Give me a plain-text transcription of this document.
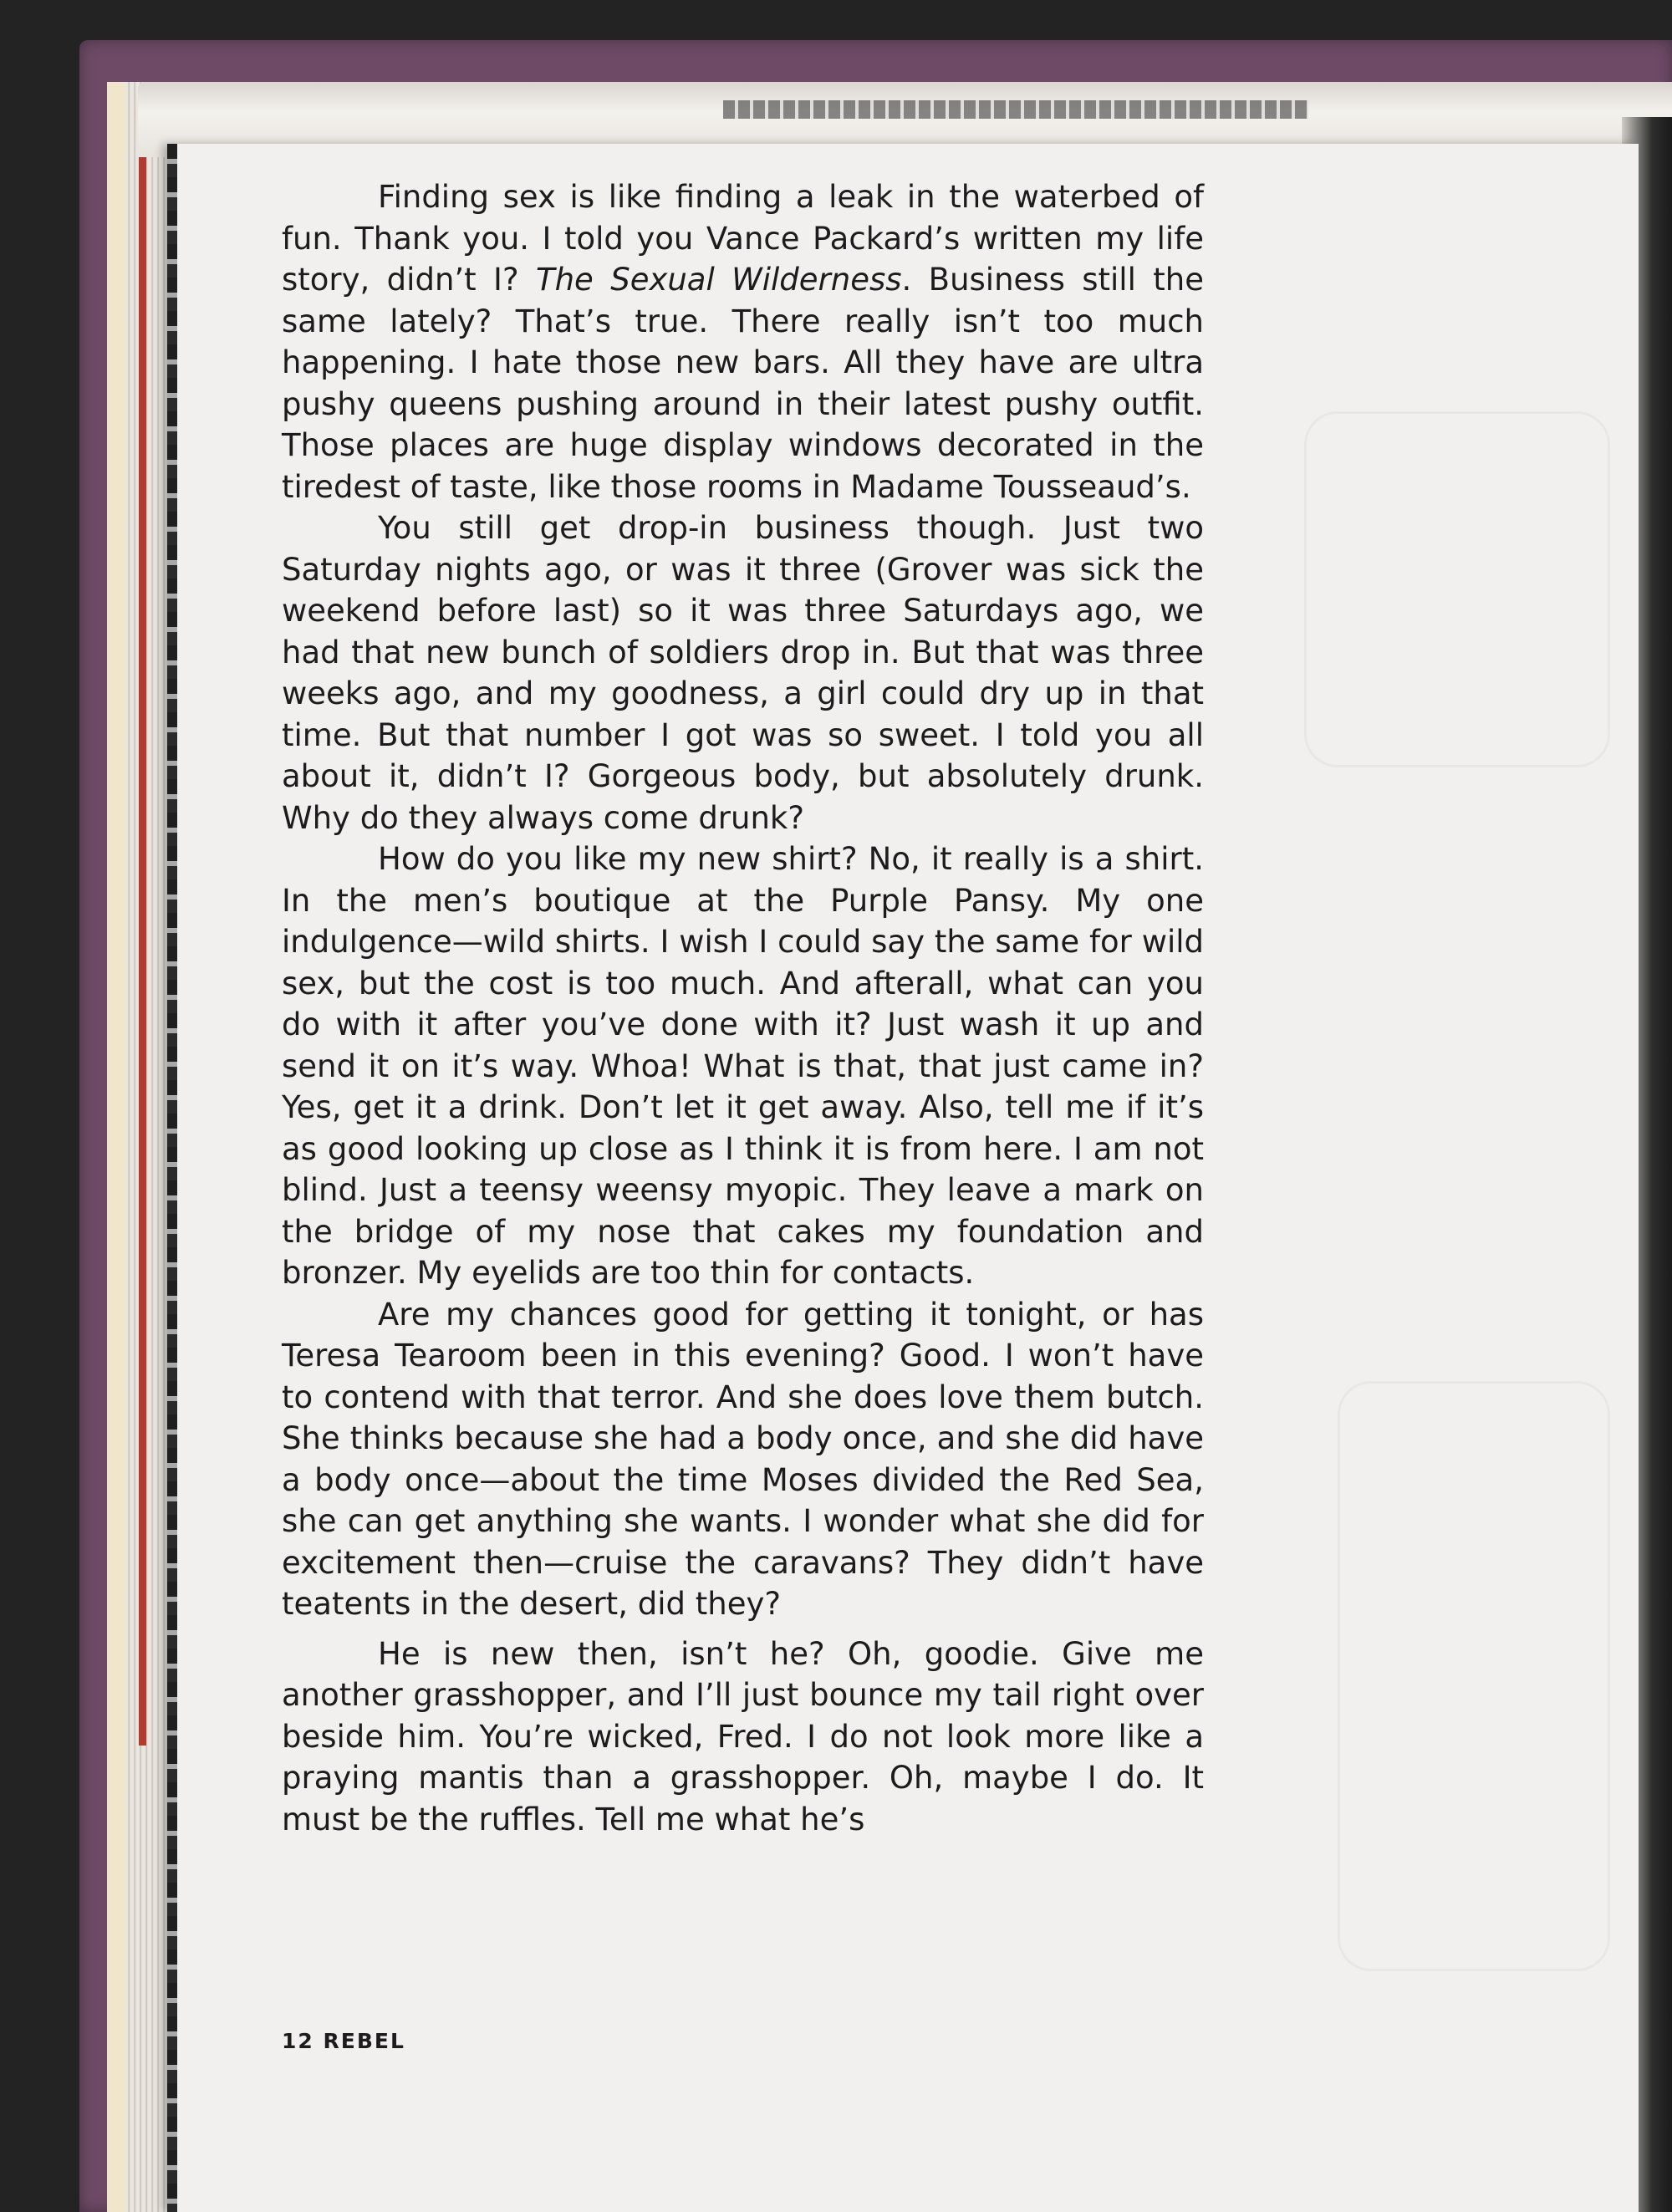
Finding sex is like finding a leak in the waterbed of fun. Thank you. I told you Vance Packard’s written my life story, didn’t I? The Sexual Wilderness. Business still the same lately? That’s true. There really isn’t too much happening. I hate those new bars. All they have are ultra pushy queens pushing around in their latest pushy outfit. Those places are huge display windows decorated in the tiredest of taste, like those rooms in Madame Tousseaud’s.

You still get drop-in business though. Just two Saturday nights ago, or was it three (Grover was sick the weekend before last) so it was three Saturdays ago, we had that new bunch of soldiers drop in. But that was three weeks ago, and my goodness, a girl could dry up in that time. But that number I got was so sweet. I told you all about it, didn’t I? Gorgeous body, but absolutely drunk. Why do they always come drunk?

How do you like my new shirt? No, it really is a shirt. In the men’s boutique at the Purple Pansy. My one indulgence—wild shirts. I wish I could say the same for wild sex, but the cost is too much. And afterall, what can you do with it after you’ve done with it? Just wash it up and send it on it’s way. Whoa! What is that, that just came in? Yes, get it a drink. Don’t let it get away. Also, tell me if it’s as good looking up close as I think it is from here. I am not blind. Just a teensy weensy myopic. They leave a mark on the bridge of my nose that cakes my foundation and bronzer. My eyelids are too thin for contacts.

Are my chances good for getting it tonight, or has Teresa Tearoom been in this evening? Good. I won’t have to contend with that terror. And she does love them butch. She thinks because she had a body once, and she did have a body once—about the time Moses divided the Red Sea, she can get anything she wants. I wonder what she did for excitement then—cruise the caravans? They didn’t have teatents in the desert, did they?

He is new then, isn’t he? Oh, goodie. Give me another grasshopper, and I’ll just bounce my tail right over beside him. You’re wicked, Fred. I do not look more like a praying mantis than a grasshopper. Oh, maybe I do. It must be the ruffles. Tell me what he’s

12 REBEL
